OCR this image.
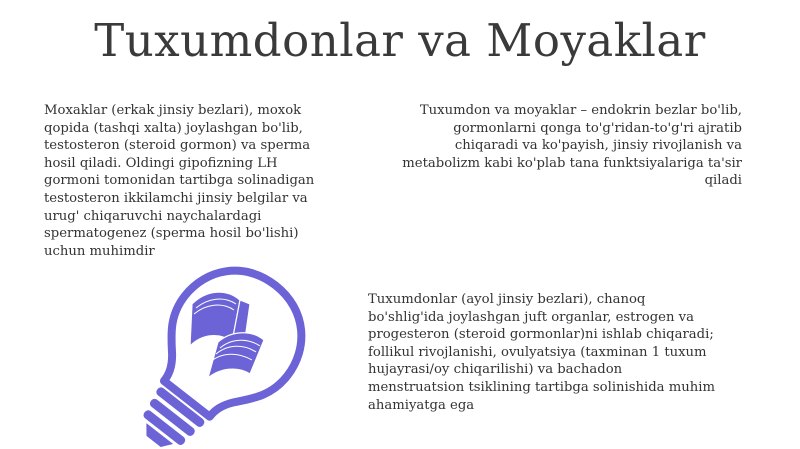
Tuxumdonlar va Moyaklar
Moxaklar (erkak jinsiy bezlari), moxok
qopida (tashqi xalta) joylashgan bo'lib,
testosteron (steroid gormon) va sperma
hosil qiladi. Oldingi gipofizning LH
gormoni tomonidan tartibga solinadigan
testosteron ikkilamchi jinsiy belgilar va
urug' chiqaruvchi naychalardagi
spermatogenez (sperma hosil bo'lishi)
uchun muhimdir
Tuxumdon va moyaklar – endokrin bezlar bo'lib,
gormonlarni qonga to'g'ridan-to'g'ri ajratib
chiqaradi va ko'payish, jinsiy rivojlanish va
metabolizm kabi ko'plab tana funktsiyalariga ta'sir
qiladi
Tuxumdonlar (ayol jinsiy bezlari), chanoq
bo'shlig'ida joylashgan juft organlar, estrogen va
progesteron (steroid gormonlar)ni ishlab chiqaradi;
follikul rivojlanishi, ovulyatsiya (taxminan 1 tuxum
hujayrasi/oy chiqarilishi) va bachadon
menstruatsion tsiklining tartibga solinishida muhim
ahamiyatga ega
